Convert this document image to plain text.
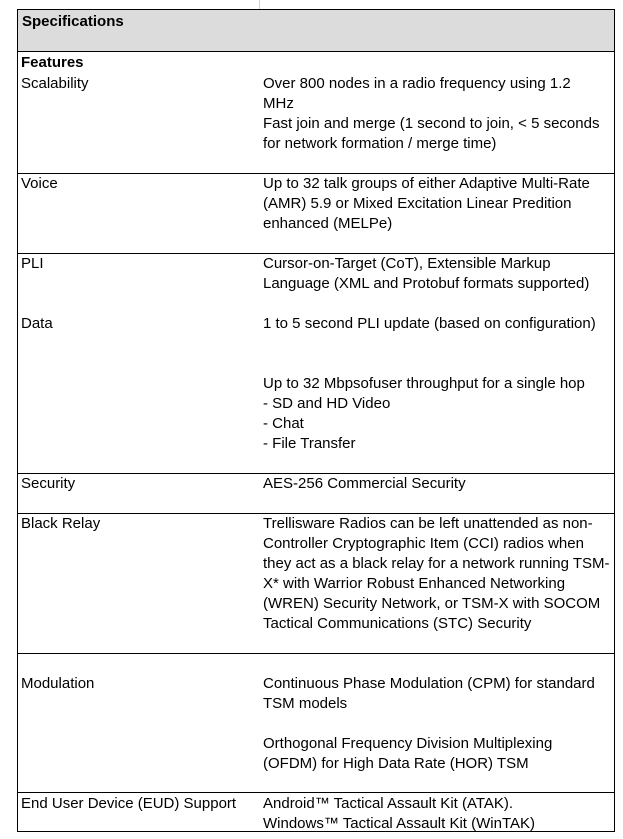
Specifications
Features
Scalability	Over 800 nodes in a radio frequency using 1.2
MHz
Fast join and merge (1 second to join, < 5 seconds
for network formation / merge time)
Voice	Up to 32 talk groups of either Adaptive Multi-Rate
(AMR) 5.9 or Mixed Excitation Linear Predition
enhanced (MELPe)
PLI	Cursor-on-Target (CoT), Extensible Markup
Language (XML and Protobuf formats supported)
Data	1 to 5 second PLI update (based on configuration)
Up to 32 Mbpsofuser throughput for a single hop
- SD and HD Video
- Chat
- File Transfer
Security	AES-256 Commercial Security
Black Relay	Trellisware Radios can be left unattended as non-
Controller Cryptographic Item (CCI) radios when
they act as a black relay for a network running TSM-
X* with Warrior Robust Enhanced Networking
(WREN) Security Network, or TSM-X with SOCOM
Tactical Communications (STC) Security
Modulation	Continuous Phase Modulation (CPM) for standard
TSM models
Orthogonal Frequency Division Multiplexing
(OFDM) for High Data Rate (HOR) TSM
End User Device (EUD) Support	Android™ Tactical Assault Kit (ATAK).
Windows™ Tactical Assault Kit (WinTAK)
